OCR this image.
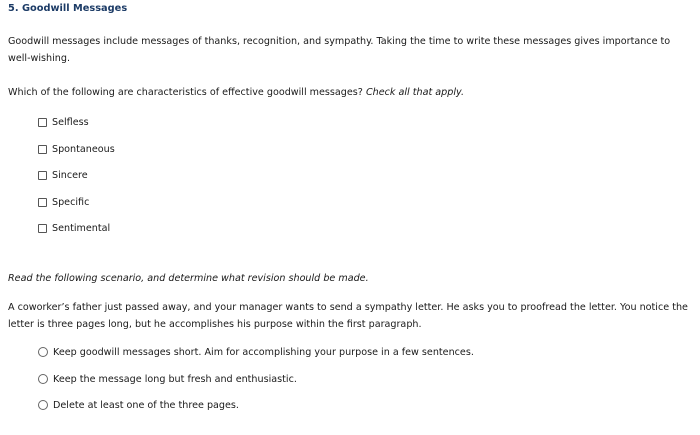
5. Goodwill Messages
Goodwill messages include messages of thanks, recognition, and sympathy. Taking the time to write these messages gives importance to well-wishing.
Which of the following are characteristics of effective goodwill messages? Check all that apply.
Selfless
Spontaneous
Sincere
Specific
Sentimental
Read the following scenario, and determine what revision should be made.
A coworker’s father just passed away, and your manager wants to send a sympathy letter. He asks you to proofread the letter. You notice the letter is three pages long, but he accomplishes his purpose within the first paragraph.
Keep goodwill messages short. Aim for accomplishing your purpose in a few sentences.
Keep the message long but fresh and enthusiastic.
Delete at least one of the three pages.
